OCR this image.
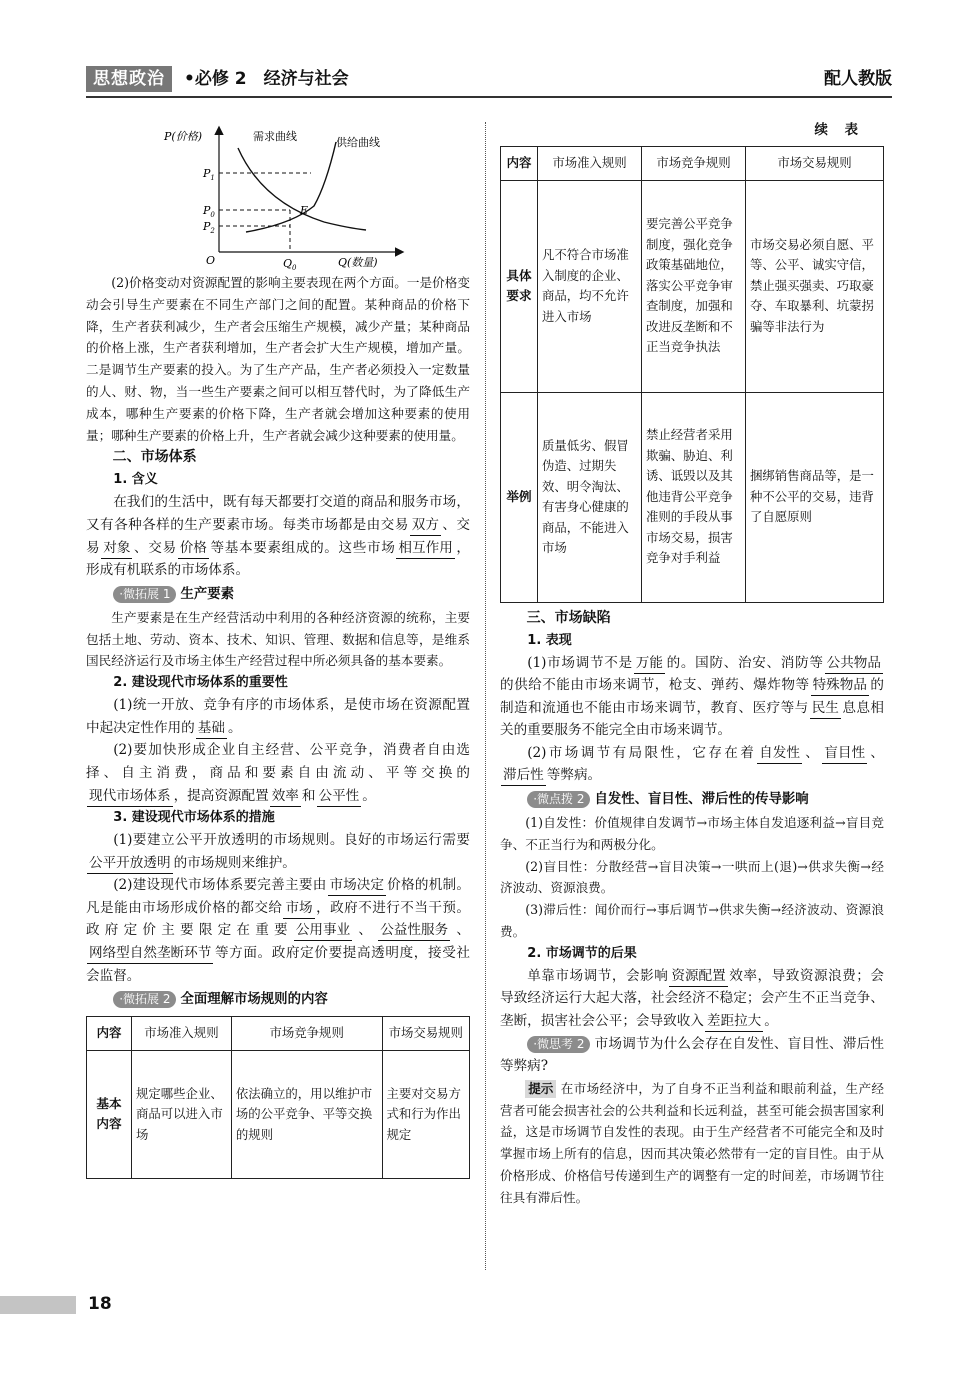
思想政治	•必修 2　经济与社会	配人教版
P(价格)	需求曲线	供给曲线
$P_1$
$P_0$
$P_2$
E
O	$Q_0$	Q(数量)

(2)价格变动对资源配置的影响主要表现在两个方面。一是价格变动会引导生产要素在不同生产部门之间的配置。某种商品的价格下降，生产者获利减少，生产者会压缩生产规模，减少产量；某种商品的价格上涨，生产者获利增加，生产者会扩大生产规模，增加产量。二是调节生产要素的投入。为了生产产品，生产者必须投入一定数量的人、财、物，当一些生产要素之间可以相互替代时，为了降低生产成本，哪种生产要素的价格下降，生产者就会增加这种要素的使用量；哪种生产要素的价格上升，生产者就会减少这种要素的使用量。

二、市场体系

1. 含义

在我们的生活中，既有每天都要打交道的商品和服务市场，又有各种各样的生产要素市场。每类市场都是由交易 双方 、交易 对象 、交易 价格 等基本要素组成的。这些市场 相互作用 ，形成有机联系的市场体系。

·微拓展 1 生产要素

生产要素是在生产经营活动中利用的各种经济资源的统称，主要包括土地、劳动、资本、技术、知识、管理、数据和信息等，是维系国民经济运行及市场主体生产经营过程中所必须具备的基本要素。

2. 建设现代市场体系的重要性

(1)统一开放、竞争有序的市场体系，是使市场在资源配置中起决定性作用的 基础 。

(2)要加快形成企业自主经营、公平竞争，消费者自由选择、自主消费，商品和要素自由流动、平等交换的现代市场体系 ，提高资源配置 效率 和 公平性 。

3. 建设现代市场体系的措施

(1)要建立公平开放透明的市场规则。良好的市场运行需要公平开放透明 的市场规则来维护。

(2)建设现代市场体系要完善主要由 市场决定 价格的机制。凡是能由市场形成价格的都交给 市场 ，政府不进行不当干预。政府定价主要限定在重要 公用事业 、 公益性服务 、网络型自然垄断环节 等方面。政府定价要提高透明度，接受社会监督。

·微拓展 2 全面理解市场规则的内容

内容	市场准入规则	市场竞争规则	市场交易规则
基本内容	规定哪些企业、商品可以进入市场	依法确立的，用以维护市场的公平竞争、平等交换的规则	主要对交易方式和行为作出规定
续 表
内容	市场准入规则	市场竞争规则	市场交易规则
具体要求	凡不符合市场准入制度的企业、商品，均不允许进入市场	要完善公平竞争制度，强化竞争政策基础地位，落实公平竞争审查制度，加强和改进反垄断和不正当竞争执法	市场交易必须自愿、平等、公平、诚实守信，禁止强买强卖、巧取豪夺、车取暴利、坑蒙拐骗等非法行为
举例	质量低劣、假冒伪造、过期失效、明令淘汰、有害身心健康的商品，不能进入市场	禁止经营者采用欺骗、胁迫、利诱、诋毁以及其他违背公平竞争准则的手段从事市场交易，损害竞争对手利益	捆绑销售商品等，是一种不公平的交易，违背了自愿原则

三、市场缺陷

1. 表现

(1)市场调节不是 万能 的。国防、治安、消防等 公共物品的供给不能由市场来调节，枪支、弹药、爆炸物等 特殊物品 的制造和流通也不能由市场来调节，教育、医疗等与 民生 息息相关的重要服务不能完全由市场来调节。

(2)市场调节有局限性，它存在着 自发性 、 盲目性 、滞后性 等弊病。

·微点拨 2 自发性、盲目性、滞后性的传导影响

(1)自发性：价值规律自发调节→市场主体自发追逐利益→盲目竞争、不正当行为和两极分化。

(2)盲目性：分散经营→盲目决策→一哄而上(退)→供求失衡→经济波动、资源浪费。

(3)滞后性：闻价而行→事后调节→供求失衡→经济波动、资源浪费。

2. 市场调节的后果

单靠市场调节，会影响 资源配置 效率，导致资源浪费；会导致经济运行大起大落，社会经济不稳定；会产生不正当竞争、垄断，损害社会公平；会导致收入 差距拉大 。

·微思考 2 市场调节为什么会存在自发性、盲目性、滞后性等弊病?

提示 在市场经济中，为了自身不正当利益和眼前利益，生产经营者可能会损害社会的公共利益和长远利益，甚至可能会损害国家利益，这是市场调节自发性的表现。由于生产经营者不可能完全和及时掌握市场上所有的信息，因而其决策必然带有一定的盲目性。由于从价格形成、价格信号传递到生产的调整有一定的时间差，市场调节往往具有滞后性。

18
